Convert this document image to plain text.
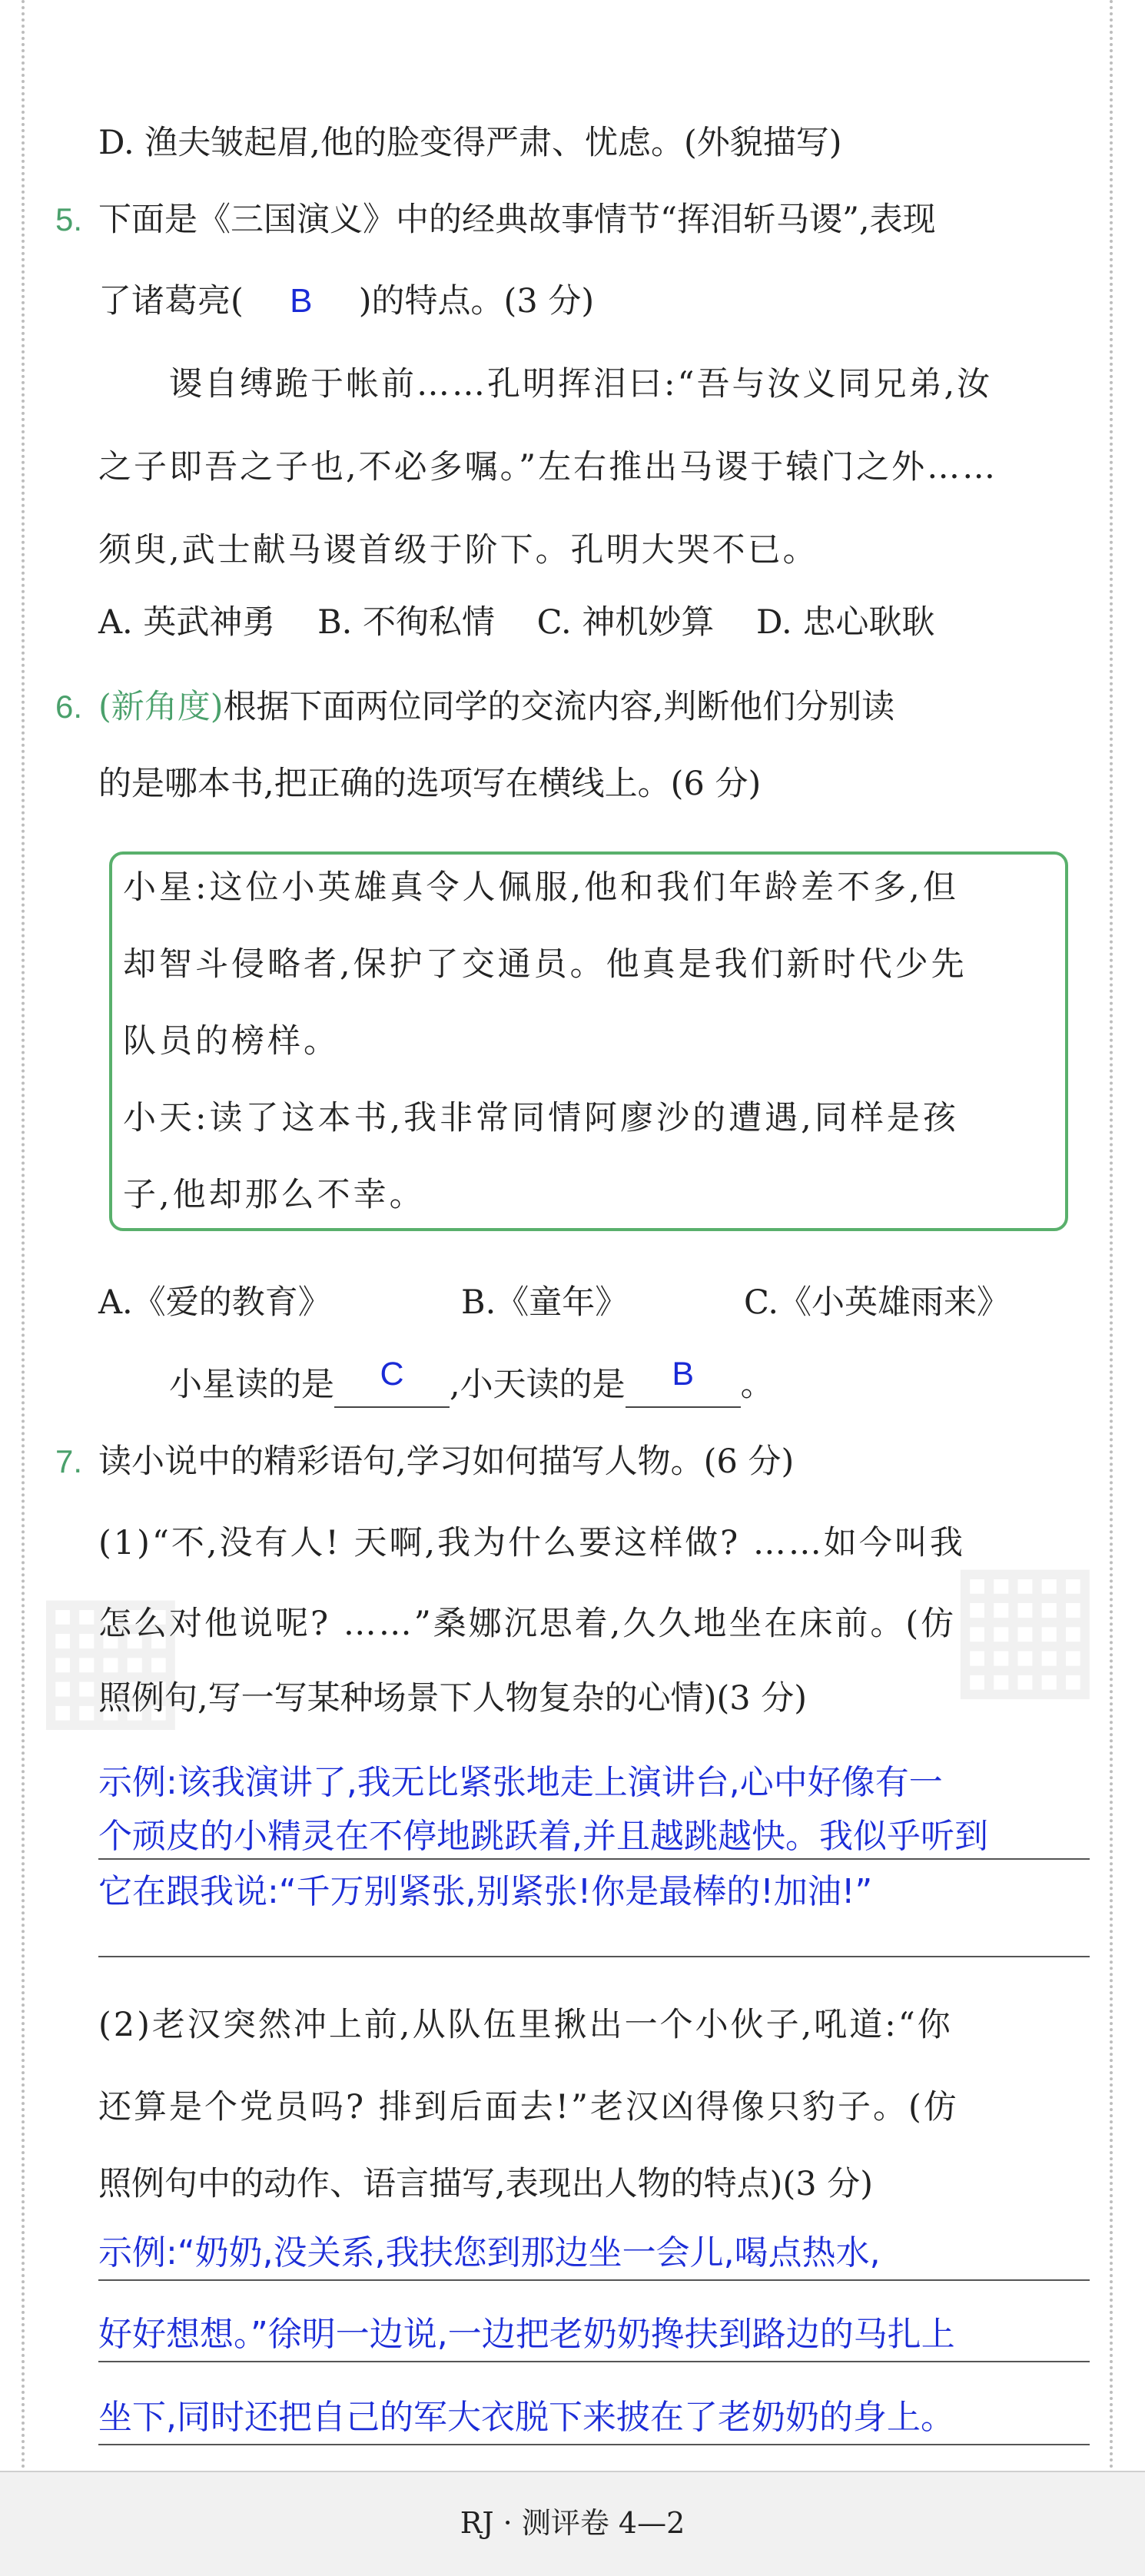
▦	▦
D. 渔夫皱起眉,他的脸变得严肃、忧虑。(外貌描写)
5. 下面是《三国演义》中的经典故事情节“挥泪斩马谡”,表现
了诸葛亮( B )的特点。(3 分)
谡自缚跪于帐前……孔明挥泪曰:“吾与汝义同兄弟,汝
之子即吾之子也,不必多嘱。”左右推出马谡于辕门之外……
须臾,武士献马谡首级于阶下。孔明大哭不已。
A. 英武神勇    B. 不徇私情    C. 神机妙算    D. 忠心耿耿
6. (新角度)根据下面两位同学的交流内容,判断他们分别读
的是哪本书,把正确的选项写在横线上。(6 分)
小星:这位小英雄真令人佩服,他和我们年龄差不多,但
却智斗侵略者,保护了交通员。他真是我们新时代少先
队员的榜样。
小天:读了这本书,我非常同情阿廖沙的遭遇,同样是孩
子,他却那么不幸。
A.《爱的教育》	B.《童年》	C.《小英雄雨来》
小星读的是 C ,小天读的是 B 。
7. 读小说中的精彩语句,学习如何描写人物。(6 分)
(1)“不,没有人! 天啊,我为什么要这样做? ……如今叫我
怎么对他说呢? ……”桑娜沉思着,久久地坐在床前。(仿
照例句,写一写某种场景下人物复杂的心情)(3 分)
示例:该我演讲了,我无比紧张地走上演讲台,心中好像有一
个顽皮的小精灵在不停地跳跃着,并且越跳越快。我似乎听到
它在跟我说:“千万别紧张,别紧张!你是最棒的!加油!”
(2)老汉突然冲上前,从队伍里揪出一个小伙子,吼道:“你
还算是个党员吗? 排到后面去!”老汉凶得像只豹子。(仿
照例句中的动作、语言描写,表现出人物的特点)(3 分)
示例:“奶奶,没关系,我扶您到那边坐一会儿,喝点热水,
好好想想。”徐明一边说,一边把老奶奶搀扶到路边的马扎上
坐下,同时还把自己的军大衣脱下来披在了老奶奶的身上。
RJ · 测评卷 4—2
